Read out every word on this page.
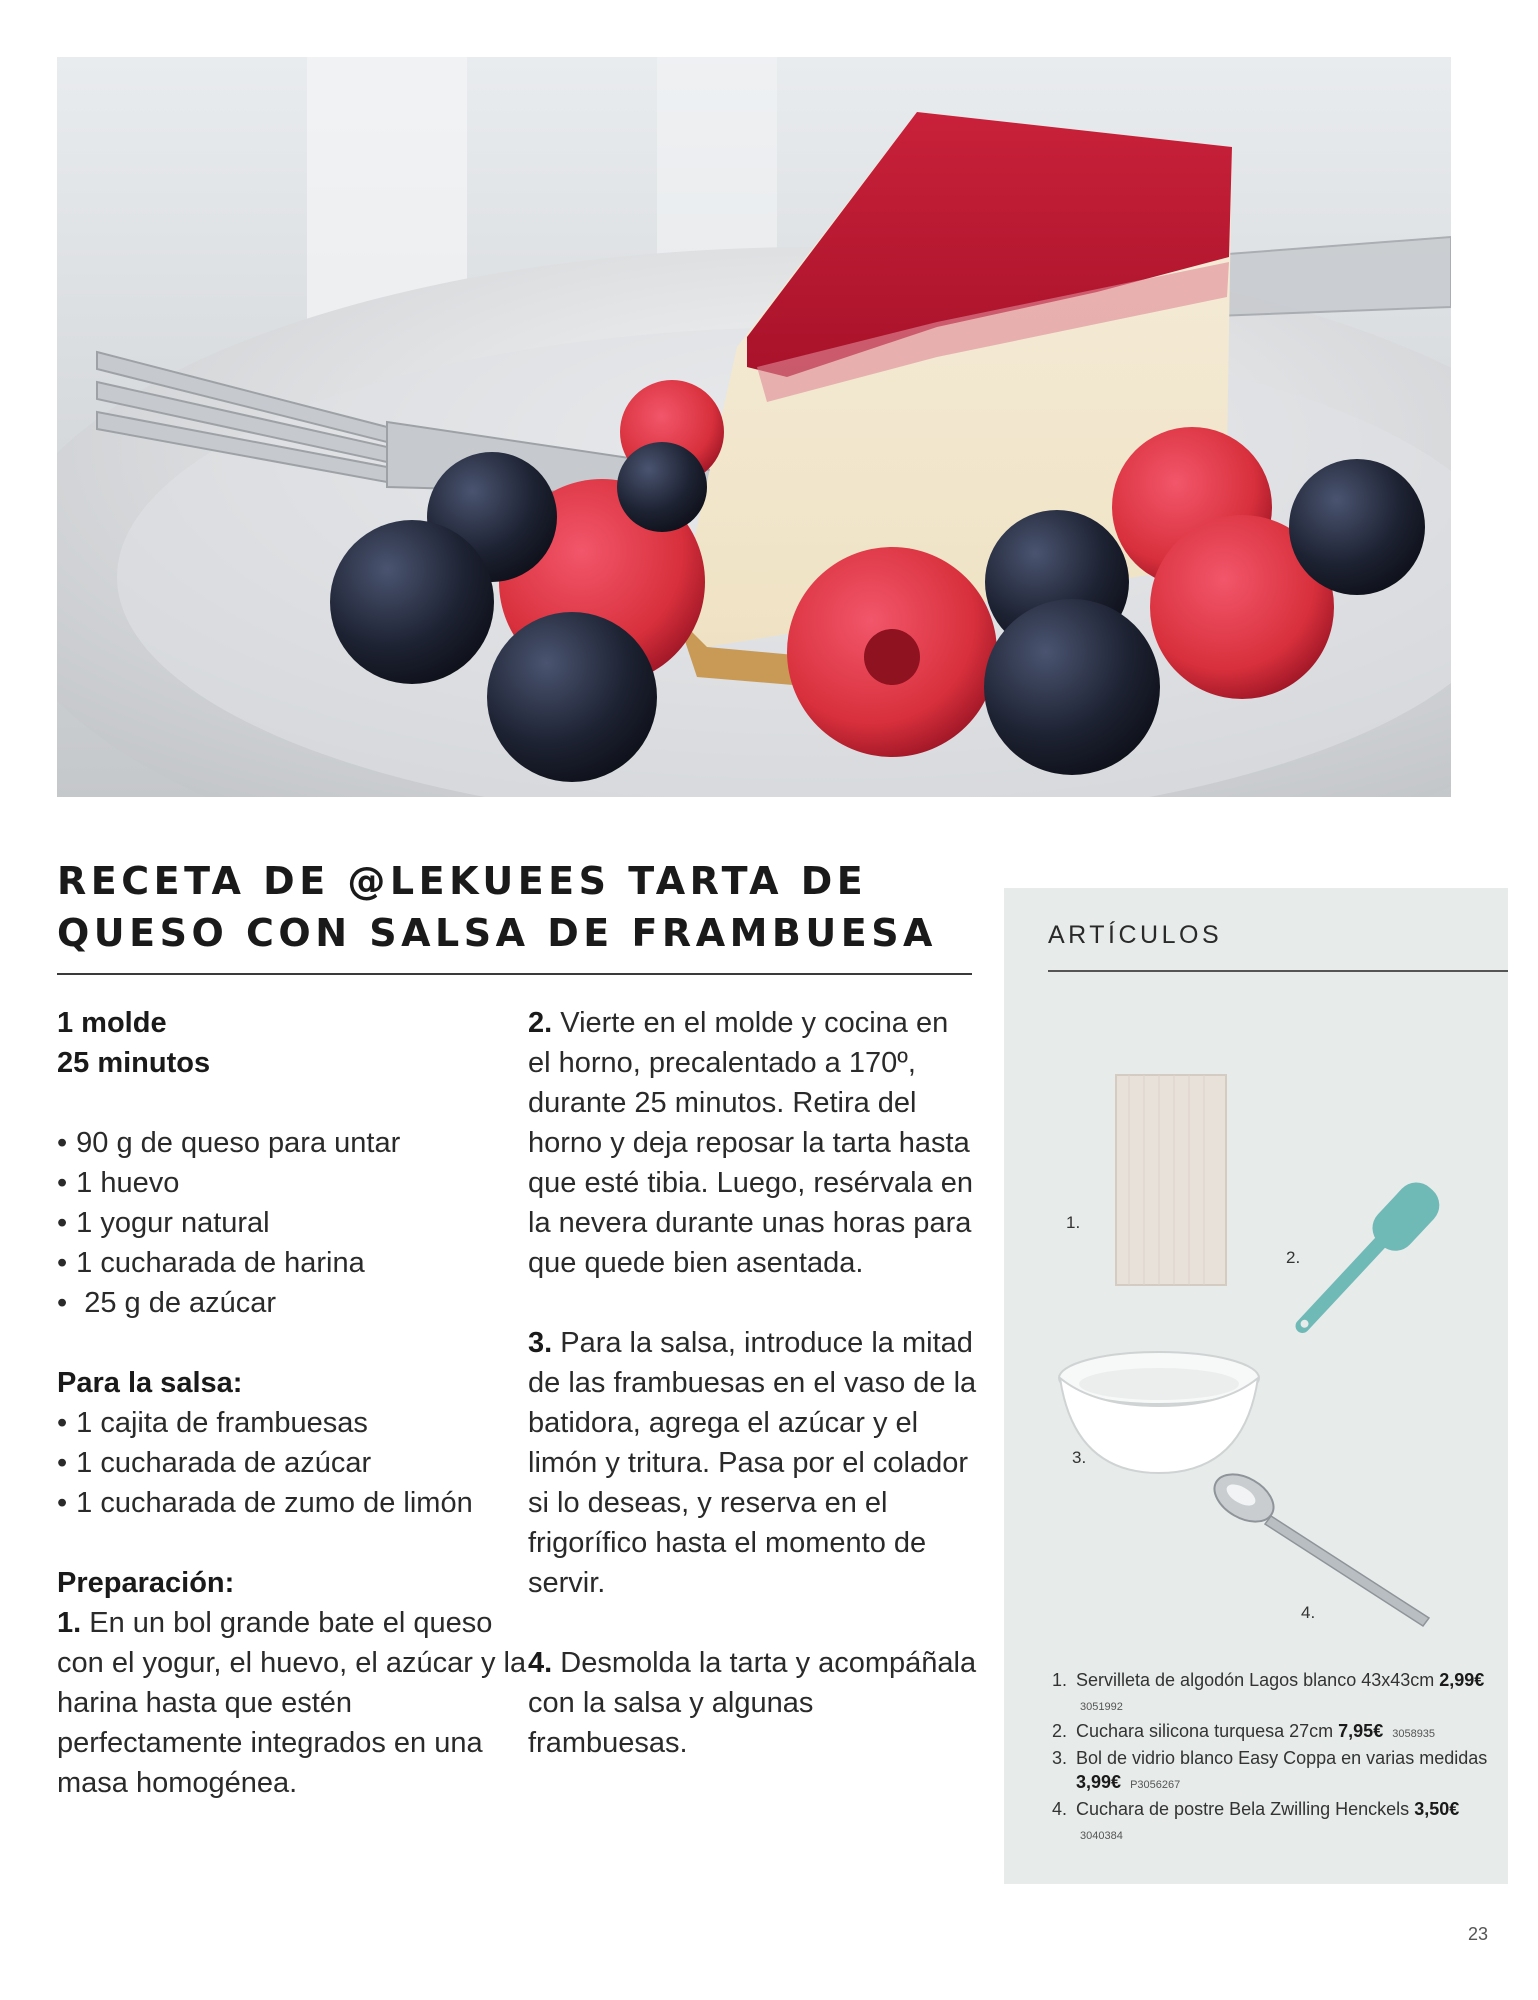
RECETA DE @LEKUEES TARTA DE
QUESO CON SALSA DE FRAMBUESA
1 molde
25 minutos
• 90 g de queso para untar
• 1 huevo
• 1 yogur natural
• 1 cucharada de harina
•  25 g de azúcar
Para la salsa:
• 1 cajita de frambuesas
• 1 cucharada de azúcar
• 1 cucharada de zumo de limón
Preparación:

1. En un bol grande bate el queso con el yogur, el huevo, el azúcar y la harina hasta que estén perfectamente integrados en una masa homogénea.

2. Vierte en el molde y cocina en el horno, precalentado a 170º, durante 25 minutos. Retira del horno y deja reposar la tarta hasta que esté tibia. Luego, resérvala en la nevera durante unas horas para que quede bien asentada.

3. Para la salsa, introduce la mitad de las frambuesas en el vaso de la batidora, agrega el azúcar y el limón y tritura. Pasa por el colador si lo deseas, y reserva en el frigorífico hasta el momento de servir.

4. Desmolda la tarta y acompáñala con la salsa y algunas frambuesas.

ARTÍCULOS
1.
2.
3.
4.
1. Servilleta de algodón Lagos blanco 43x43cm 2,99€ 3051992
2. Cuchara silicona turquesa 27cm 7,95€ 3058935
3. Bol de vidrio blanco Easy Coppa en varias medidas 3,99€ P3056267
4. Cuchara de postre Bela Zwilling Henckels 3,50€ 3040384
23
